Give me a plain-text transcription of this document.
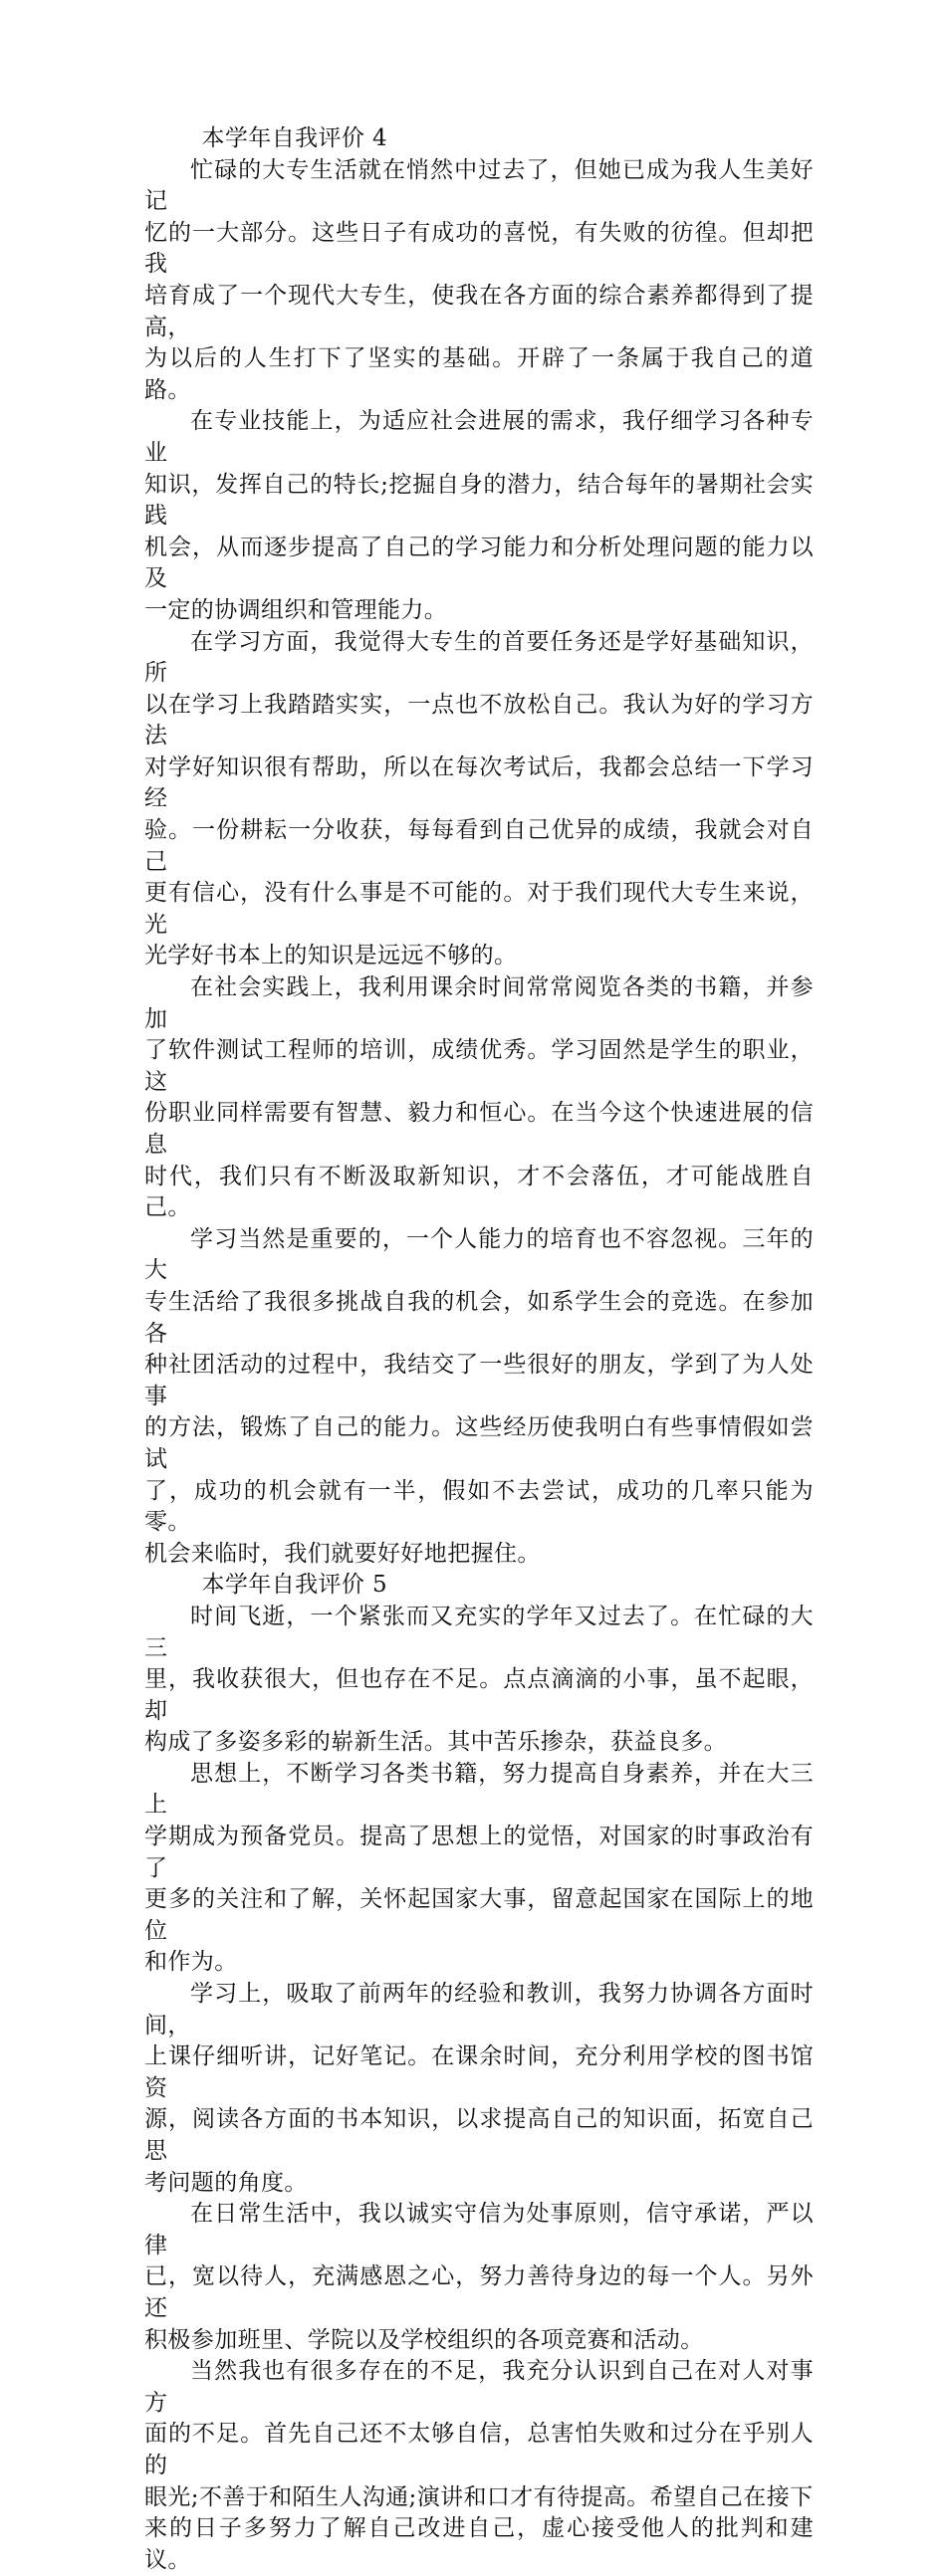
本学年自我评价 4

忙碌的大专生活就在悄然中过去了，但她已成为我人生美好记
忆的一大部分。这些日子有成功的喜悦，有失败的彷徨。但却把我
培育成了一个现代大专生，使我在各方面的综合素养都得到了提高，
为以后的人生打下了坚实的基础。开辟了一条属于我自己的道路。

在专业技能上，为适应社会进展的需求，我仔细学习各种专业
知识，发挥自己的特长;挖掘自身的潜力，结合每年的暑期社会实践
机会，从而逐步提高了自己的学习能力和分析处理问题的能力以及
一定的协调组织和管理能力。

在学习方面，我觉得大专生的首要任务还是学好基础知识，所
以在学习上我踏踏实实，一点也不放松自己。我认为好的学习方法
对学好知识很有帮助，所以在每次考试后，我都会总结一下学习经
验。一份耕耘一分收获，每每看到自己优异的成绩，我就会对自己
更有信心，没有什么事是不可能的。对于我们现代大专生来说，光
光学好书本上的知识是远远不够的。

在社会实践上，我利用课余时间常常阅览各类的书籍，并参加
了软件测试工程师的培训，成绩优秀。学习固然是学生的职业，这
份职业同样需要有智慧、毅力和恒心。在当今这个快速进展的信息
时代，我们只有不断汲取新知识，才不会落伍，才可能战胜自己。

学习当然是重要的，一个人能力的培育也不容忽视。三年的大
专生活给了我很多挑战自我的机会，如系学生会的竞选。在参加各
种社团活动的过程中，我结交了一些很好的朋友，学到了为人处事
的方法，锻炼了自己的能力。这些经历使我明白有些事情假如尝试
了，成功的机会就有一半，假如不去尝试，成功的几率只能为零。
机会来临时，我们就要好好地把握住。

本学年自我评价 5

时间飞逝，一个紧张而又充实的学年又过去了。在忙碌的大三
里，我收获很大，但也存在不足。点点滴滴的小事，虽不起眼，却
构成了多姿多彩的崭新生活。其中苦乐掺杂，获益良多。

思想上，不断学习各类书籍，努力提高自身素养，并在大三上
学期成为预备党员。提高了思想上的觉悟，对国家的时事政治有了
更多的关注和了解，关怀起国家大事，留意起国家在国际上的地位
和作为。

学习上，吸取了前两年的经验和教训，我努力协调各方面时间，
上课仔细听讲，记好笔记。在课余时间，充分利用学校的图书馆资
源，阅读各方面的书本知识，以求提高自己的知识面，拓宽自己思
考问题的角度。

在日常生活中，我以诚实守信为处事原则，信守承诺，严以律
已，宽以待人，充满感恩之心，努力善待身边的每一个人。另外还
积极参加班里、学院以及学校组织的各项竞赛和活动。

当然我也有很多存在的不足，我充分认识到自己在对人对事方
面的不足。首先自己还不太够自信，总害怕失败和过分在乎别人的
眼光;不善于和陌生人沟通;演讲和口才有待提高。希望自己在接下
来的日子多努力了解自己改进自己，虚心接受他人的批判和建议。
